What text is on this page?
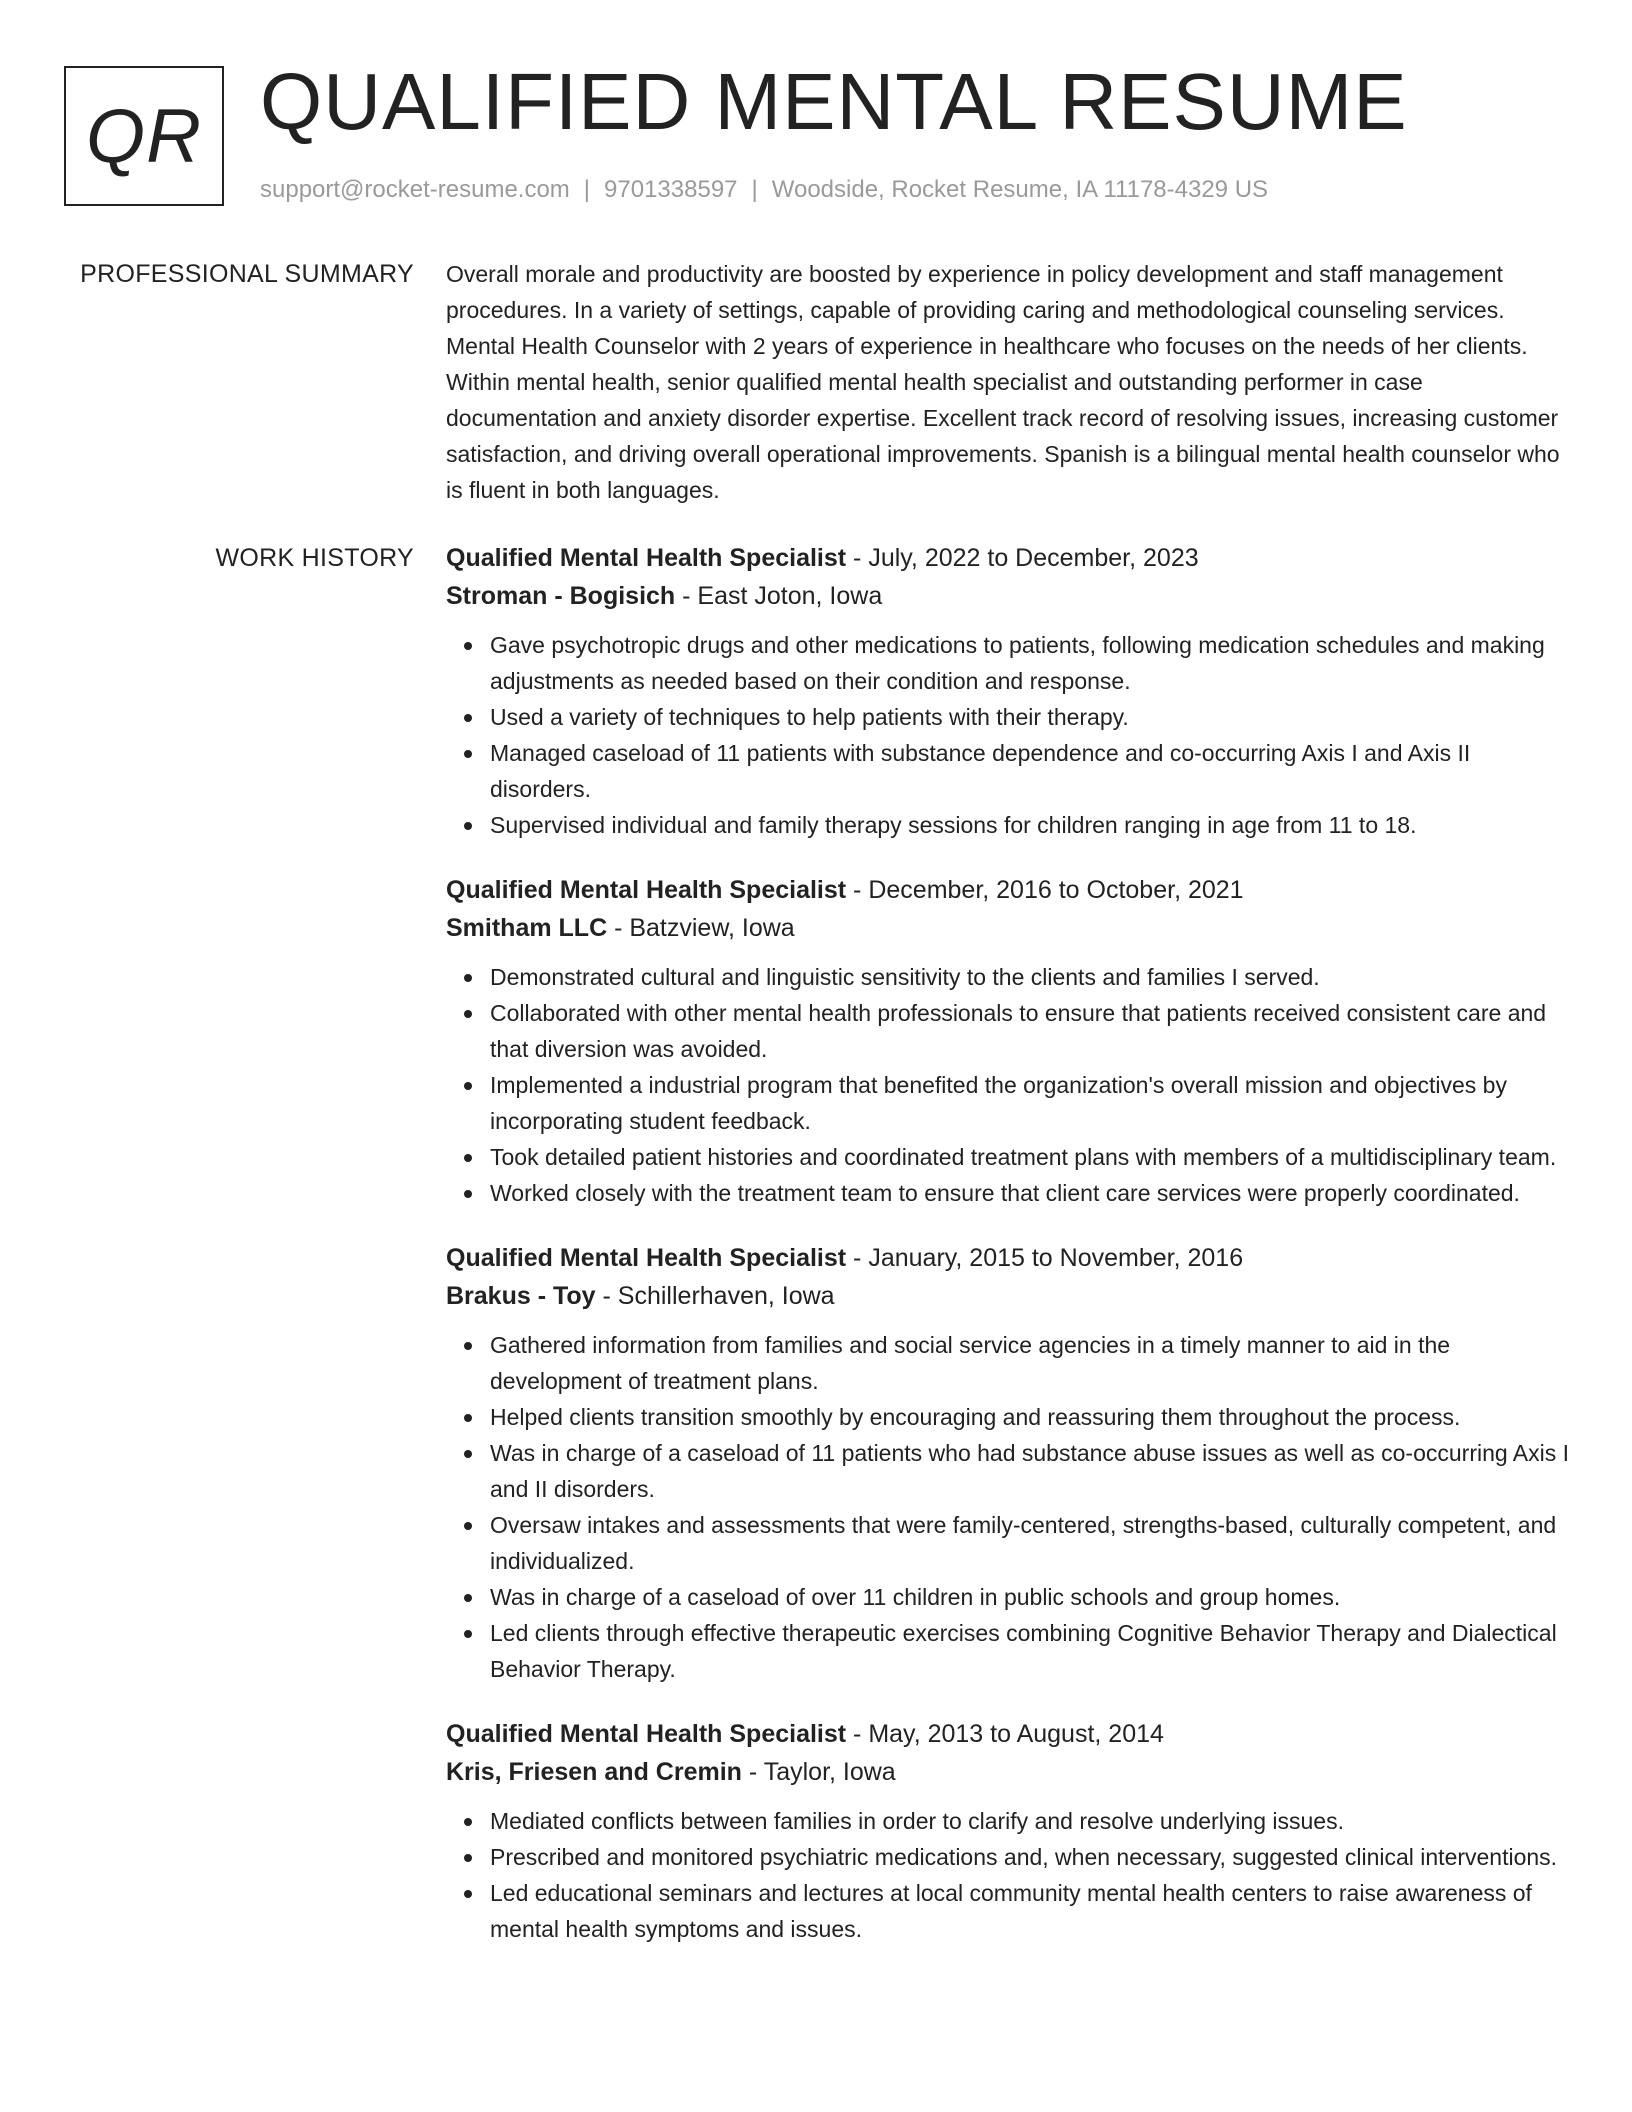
QR QUALIFIED MENTAL RESUME
support@rocket-resume.com | 9701338597 | Woodside, Rocket Resume, IA 11178-4329 US
PROFESSIONAL SUMMARY Overall morale and productivity are boosted by experience in policy development and staff management procedures. In a variety of settings, capable of providing caring and methodological counseling services. Mental Health Counselor with 2 years of experience in healthcare who focuses on the needs of her clients. Within mental health, senior qualified mental health specialist and outstanding performer in case documentation and anxiety disorder expertise. Excellent track record of resolving issues, increasing customer satisfaction, and driving overall operational improvements. Spanish is a bilingual mental health counselor who is fluent in both languages.

WORK HISTORY Qualified Mental Health Specialist - July, 2022 to December, 2023

Stroman - Bogisich - East Joton, Iowa

Gave psychotropic drugs and other medications to patients, following medication schedules and making adjustments as needed based on their condition and response.
Used a variety of techniques to help patients with their therapy.
Managed caseload of 11 patients with substance dependence and co-occurring Axis I and Axis II disorders.
Supervised individual and family therapy sessions for children ranging in age from 11 to 18.

Qualified Mental Health Specialist - December, 2016 to October, 2021

Smitham LLC - Batzview, Iowa

Demonstrated cultural and linguistic sensitivity to the clients and families I served.
Collaborated with other mental health professionals to ensure that patients received consistent care and that diversion was avoided.
Implemented a industrial program that benefited the organization's overall mission and objectives by incorporating student feedback.
Took detailed patient histories and coordinated treatment plans with members of a multidisciplinary team.
Worked closely with the treatment team to ensure that client care services were properly coordinated.

Qualified Mental Health Specialist - January, 2015 to November, 2016

Brakus - Toy - Schillerhaven, Iowa

Gathered information from families and social service agencies in a timely manner to aid in the development of treatment plans.
Helped clients transition smoothly by encouraging and reassuring them throughout the process.
Was in charge of a caseload of 11 patients who had substance abuse issues as well as co-occurring Axis I and II disorders.
Oversaw intakes and assessments that were family-centered, strengths-based, culturally competent, and individualized.
Was in charge of a caseload of over 11 children in public schools and group homes.
Led clients through effective therapeutic exercises combining Cognitive Behavior Therapy and Dialectical Behavior Therapy.

Qualified Mental Health Specialist - May, 2013 to August, 2014

Kris, Friesen and Cremin - Taylor, Iowa

Mediated conflicts between families in order to clarify and resolve underlying issues.
Prescribed and monitored psychiatric medications and, when necessary, suggested clinical interventions.
Led educational seminars and lectures at local community mental health centers to raise awareness of mental health symptoms and issues.
